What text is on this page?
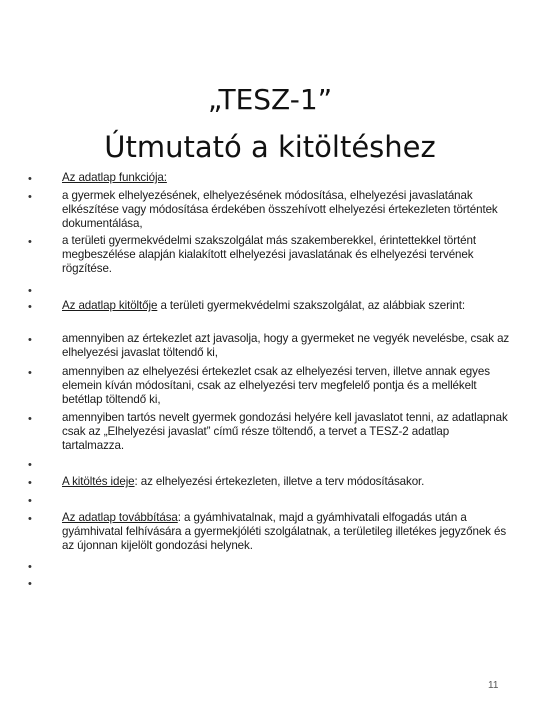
„TESZ-1”
Útmutató a kitöltéshez
•
•
•
•
•
•
•
•
•
•
•
•
•
•
Az adatlap funkciója:
a gyermek elhelyezésének, elhelyezésének módosítása, elhelyezési javaslatának elkészítése vagy módosítása érdekében összehívott elhelyezési értekezleten történtek dokumentálása,
a területi gyermekvédelmi szakszolgálat más szakemberekkel, érintettekkel történt megbeszélése alapján kialakított elhelyezési javaslatának és elhelyezési tervének rögzítése.
Az adatlap kitöltője a területi gyermekvédelmi szakszolgálat, az alábbiak szerint:
amennyiben az értekezlet azt javasolja, hogy a gyermeket ne vegyék nevelésbe, csak az elhelyezési javaslat töltendő ki,
amennyiben az elhelyezési értekezlet csak az elhelyezési terven, illetve annak egyes elemein kíván módosítani, csak az elhelyezési terv megfelelő pontja és a mellékelt betétlap töltendő ki,
amennyiben tartós nevelt gyermek gondozási helyére kell javaslatot tenni, az adatlapnak csak az „Elhelyezési javaslat” című része töltendő, a tervet a TESZ-2 adatlap tartalmazza.
A kitöltés ideje: az elhelyezési értekezleten, illetve a terv módosításakor.
Az adatlap továbbítása: a gyámhivatalnak, majd a gyámhivatali elfogadás után a gyámhivatal felhívására a gyermekjóléti szolgálatnak, a területileg illetékes jegyzőnek és az újonnan kijelölt gondozási helynek.
11
